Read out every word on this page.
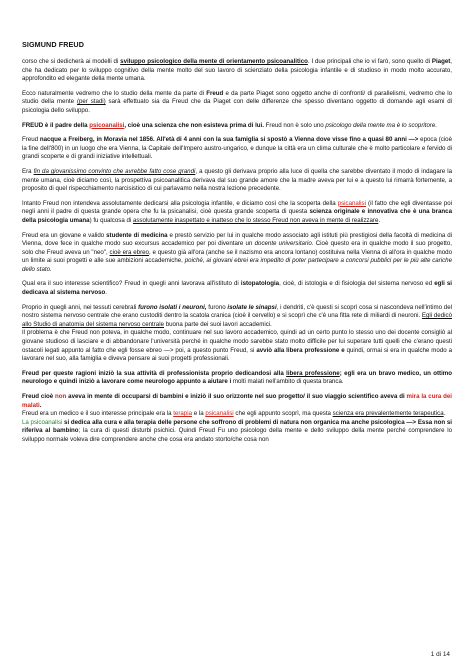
SIGMUND FREUD

corso che si dedicherà ai modelli di sviluppo psicologico della mente di orientamento psicoanalitico. I due principali che io vi farò, sono quello di Piaget, che ha dedicato per lo sviluppo cognitivo della mente molto del suo lavoro di scienziato della psicologia infantile e di studioso in modo molto accurato, approfondito ed elegante della mente umana.

Ecco naturalmente vedremo che lo studio della mente da parte di Freud e da parte Piaget sono oggetto anche di confronti/ di parallelismi, vedremo che lo studio della mente (per stadi) sarà effettuato sia da Freud che da Piaget con delle differenze che spesso diventano oggetto di domande agli esami di psicologia dello sviluppo.

FREUD è il padre della psicoanalisi, cioè una scienza che non esisteva prima di lui. Freud non è solo uno psicologo della mente ma è lo scopritore.

Freud nacque a Freiberg, in Moravia nel 1856. All'età di 4 anni con la sua famiglia si spostò a Vienna dove visse fino a quasi 80 anni —> epoca (cioè la fine dell'800) in un luogo che era Vienna, la Capitale dell'Impero austro-ungarico, e dunque la città era un clima culturale che è molto particolare e fervido di grandi scoperte e di grandi iniziative intellettuali.

Era fin da giovanissimo convinto che avrebbe fatto cose grandi, a questo gli derivava proprio alla luce di quella che sarebbe diventato il modo di indagare la mente umana, cioè diciamo così, la prospettiva psicoanalitica derivava dal suo grande amore che la madre aveva per lui e a questo lui rimarrà fortemente, a proposito di quel rispecchiamento narcisistico di cui parlavamo nella nostra lezione precedente.

Intanto Freud non intendeva assolutamente dedicarsi alla psicologia infantile, e diciamo così che la scoperta della psicanalisi (il fatto che egli diventasse poi negli anni il padre di questa grande opera che fu la psicanalisi, cioè questa grande scoperta di questa scienza originale e innovativa che è una branca della psicologia umana) fu qualcosa di assolutamente inaspettato e inatteso che lo stesso Freud non aveva in mente di realizzare.

Freud era un giovane e valido studente di medicina e prestò servizio per lui in qualche modo associato agli istituti più prestigiosi della facoltà di medicina di Vienna, dove fece in qualche modo suo excursus accademico per poi diventare un docente universitario. Cioè questo era in qualche modo il suo progetto, solo che Freud aveva un "neo", cioè era ebreo, e questo già all'ora (anche se il nazismo era ancora lontano) costituiva nella Vienna di all'ora in qualche modo un limite ai suoi progetti e alle sue ambizioni accademiche, poiché, ai giovani ebrei era impedito di poter partecipare a concorsi pubblici per le più alte cariche dello stato.

Qual era il suo interesse scientifico? Freud in quegli anni lavorava all'istituto di istopatologia, cioè, di istologia e di fisiologia del sistema nervoso ed egli si dedicava al sistema nervoso.

Proprio in quegli anni, nei tessuti cerebrali furono isolati i neuroni, furono isolate le sinapsi, i dendriti, c'è questi si scoprì cosa si nascondeva nell'intimo del nostro sistema nervoso centrale che erano custoditi dentro la scatola cranica (cioè il cervello) e si scoprì che c'è una fitta rete di miliardi di neuroni. Egli dedicò allo Studio di anatomia del sistema nervoso centrale buona parte dei suoi lavori accademici.

Il problema è che Freud non poteva, in qualche modo, continuare nel suo lavoro accademico, quindi ad un certo punto lo stesso uno dei docente consigliò al giovane studioso di lasciare e di abbandonare l'università perché in qualche modo sarebbe stato molto difficile per lui superare tutti quelli che c'erano questi ostacoli legati appunto al fatto che egli fosse ebreo —> poi, a questo punto Freud, si avviò alla libera professione e quindi, ormai si era in qualche modo a lavorare nel suo, alla famiglia e diveva pensare ai suoi progetti professionali.

Freud per queste ragioni iniziò la sua attività di professionista proprio dedicandosi alla libera professione; egli era un bravo medico, un ottimo neurologo e quindi iniziò a lavorare come neurologo appunto a aiutare i molti malati nell'ambito di questa branca.

Freud cioè non aveva in mente di occuparsi di bambini e iniziò il suo orizzonte nel suo progetto/ il suo viaggio scientifico aveva di mira la cura dei malati.

Freud era un medico e il suo interesse principale era la terapia e la psicanalisi che egli appunto scoprì, ma questa scienza era prevalentemente terapeutica.

La psicoanalisi si dedica alla cura e alla terapia delle persone che soffrono di problemi di natura non organica ma anche psicologica —> Essa non si riferiva al bambino; la cura di questi disturbi psichici. Quindi Freud Fu uno psicologo della mente e dello sviluppo della mente perché comprendere lo sviluppo normale voleva dire comprendere anche che cosa era andato storto/che cosa non

1 di 14
